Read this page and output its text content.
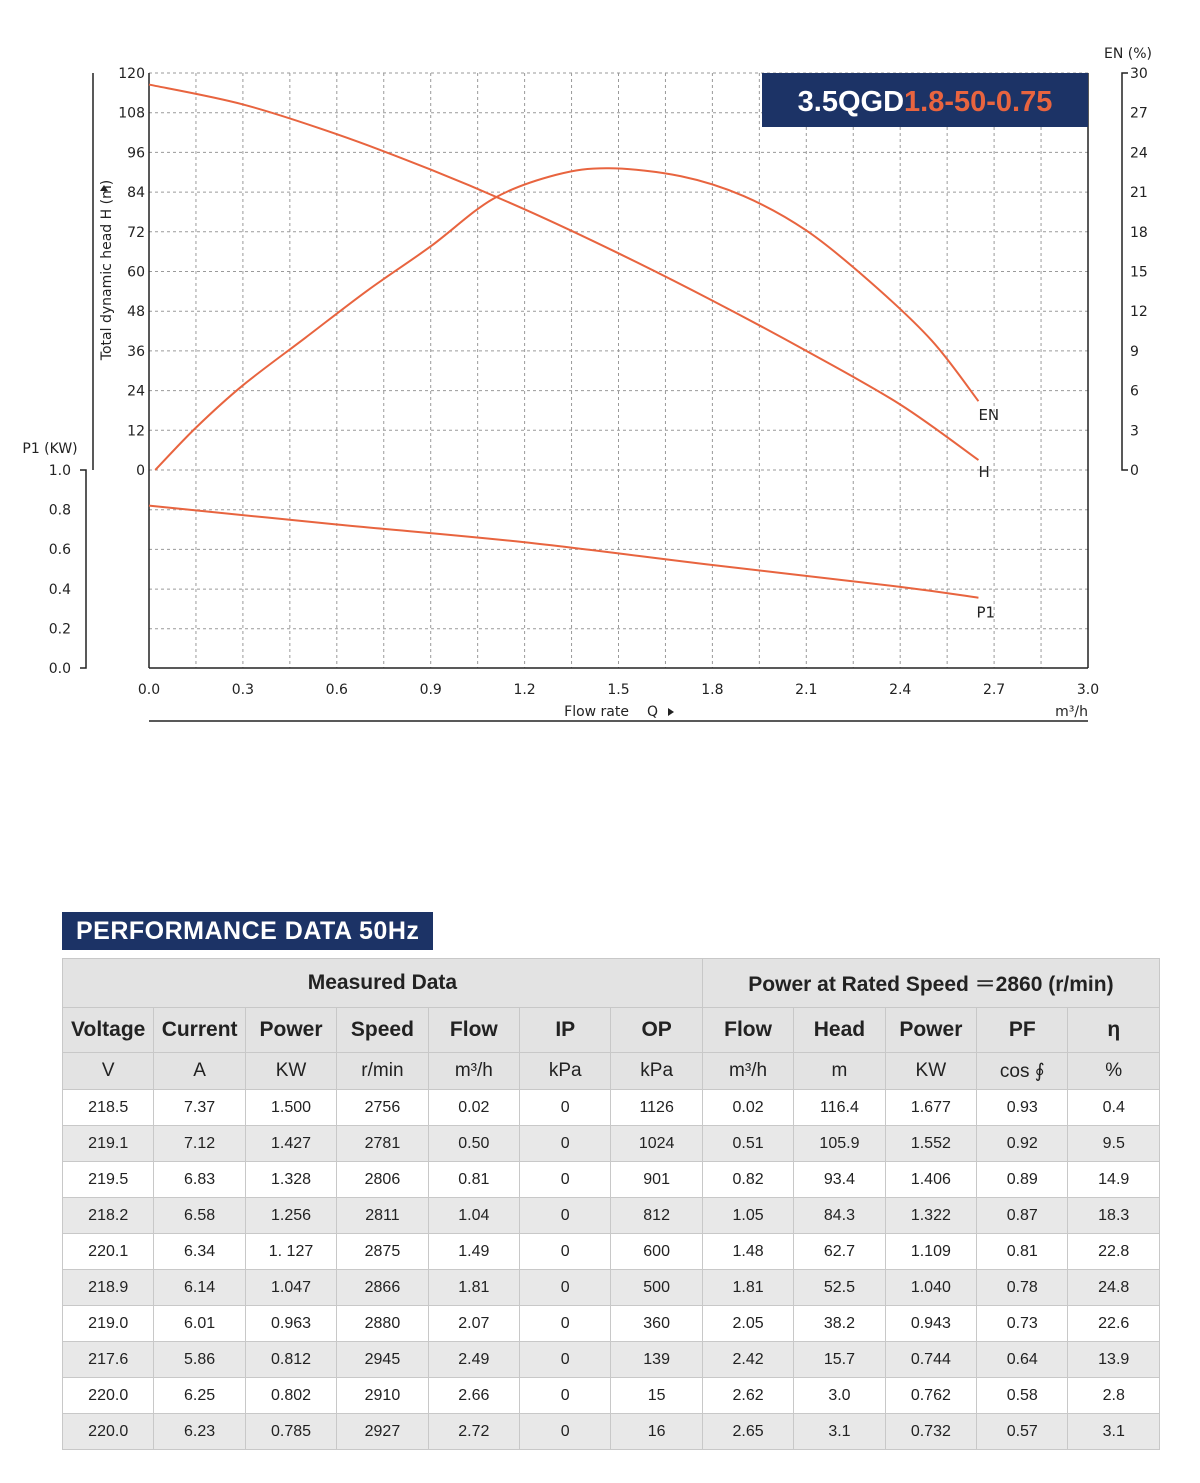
0.0	0.3	0.6	0.9	1.2	1.5	1.8	2.1	2.4	2.7	3.0
0
12
24
36
48
60
72
84
96
108
120
0
3
6
9
12
15
18
21
24
27
30
0.0
0.2
0.4
0.6
0.8
1.0	H
EN
P1
3.5QGD1.8-50-0.75
Total dynamic head H (m)
EN (%)
P1 (KW)
Flow rate Q	m³/h
PERFORMANCE DATA 50Hz
Measured Data							Power at Rated Speed ＝2860 (r/min)				
Voltage	Current	Power	Speed	Flow	IP	OP	Flow	Head	Power	PF	η
V	A	KW	r/min	m³/h	kPa	kPa	m³/h	m	KW	cos ∮	%
218.5	7.37	1.500	2756	0.02	0	1126	0.02	116.4	1.677	0.93	0.4
219.1	7.12	1.427	2781	0.50	0	1024	0.51	105.9	1.552	0.92	9.5
219.5	6.83	1.328	2806	0.81	0	901	0.82	93.4	1.406	0.89	14.9
218.2	6.58	1.256	2811	1.04	0	812	1.05	84.3	1.322	0.87	18.3
220.1	6.34	1. 127	2875	1.49	0	600	1.48	62.7	1.109	0.81	22.8
218.9	6.14	1.047	2866	1.81	0	500	1.81	52.5	1.040	0.78	24.8
219.0	6.01	0.963	2880	2.07	0	360	2.05	38.2	0.943	0.73	22.6
217.6	5.86	0.812	2945	2.49	0	139	2.42	15.7	0.744	0.64	13.9
220.0	6.25	0.802	2910	2.66	0	15	2.62	3.0	0.762	0.58	2.8
220.0	6.23	0.785	2927	2.72	0	16	2.65	3.1	0.732	0.57	3.1
